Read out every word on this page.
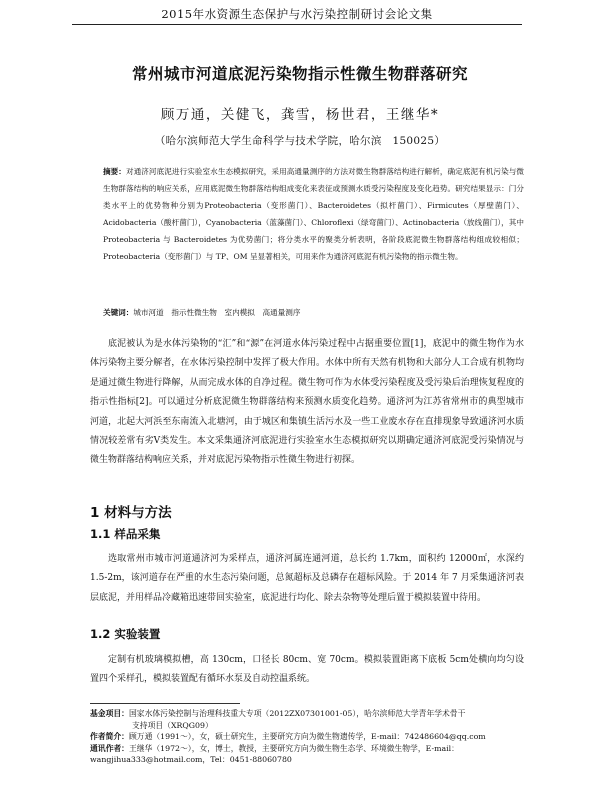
2015年水资源生态保护与水污染控制研讨会论文集
常州城市河道底泥污染物指示性微生物群落研究
顾万通，关健飞，龚雪，杨世君，王继华*
（哈尔滨师范大学生命科学与技术学院，哈尔滨　150025）
摘要：对通济河底泥进行实验室水生态模拟研究，采用高通量测序的方法对微生物群落结构进行解析，确定底泥有机污染与微生物群落结构的响应关系，应用底泥微生物群落结构组成变化来表征或预测水质受污染程度及变化趋势。研究结果显示：门分类水平上的优势物种分别为Proteobacteria（变形菌门）、Bacteroidetes（拟杆菌门）、Firmicutes（厚壁菌门）、Acidobacteria（酸杆菌门），Cyanobacteria（蓝藻菌门）、Chloroflexi（绿弯菌门）、Actinobacteria（放线菌门），其中 Proteobacteria 与 Bacteroidetes 为优势菌门；将分类水平的聚类分析表明，各阶段底泥微生物群落结构组成较相似；Proteobacteria（变形菌门）与 TP、OM 呈显著相关，可用来作为通济河底泥有机污染物的指示微生物。
关键词：城市河道　指示性微生物　室内模拟　高通量测序
底泥被认为是水体污染物的“汇”和“源”在河道水体污染过程中占据重要位置[1]，底泥中的微生物作为水体污染物主要分解者，在水体污染控制中发挥了极大作用。水体中所有天然有机物和大部分人工合成有机物均是通过微生物进行降解，从而完成水体的自净过程。微生物可作为水体受污染程度及受污染后治理恢复程度的指示性指标[2]。可以通过分析底泥微生物群落结构来预测水质变化趋势。通济河为江苏省常州市的典型城市河道，北起大河浜至东南流入北塘河，由于城区和集镇生活污水及一些工业废水存在直排现象导致通济河水质情况较差常有劣Ⅴ类发生。本文采集通济河底泥进行实验室水生态模拟研究以期确定通济河底泥受污染情况与微生物群落结构响应关系，并对底泥污染物指示性微生物进行初探。
1 材料与方法
1.1 样品采集
选取常州市城市河道通济河为采样点，通济河属连通河道，总长约 1.7km，面积约 12000㎡，水深约 1.5-2m，该河道存在严重的水生态污染问题，总氮超标及总磷存在超标风险。于 2014 年 7 月采集通济河表层底泥，并用样品冷藏箱迅速带回实验室，底泥进行均化、除去杂物等处理后置于模拟装置中待用。
1.2 实验装置
定制有机玻璃模拟槽，高 130cm，口径长 80cm、宽 70cm。模拟装置距离下底板 5cm处横向均匀设置四个采样孔，模拟装置配有循环水泵及自动控温系统。
基金项目：国家水体污染控制与治理科技重大专项（2012ZX07301001-05），哈尔滨师范大学青年学术骨干
支持项目（XRQG09）
作者简介：顾万通（1991～），女，硕士研究生，主要研究方向为微生物遗传学，E-mail：742486604@qq.com
通讯作者：王继华（1972～），女，博士，教授，主要研究方向为微生物生态学、环境微生物学，E-mail：
wangjihua333@hotmail.com，Tel：0451-88060780
